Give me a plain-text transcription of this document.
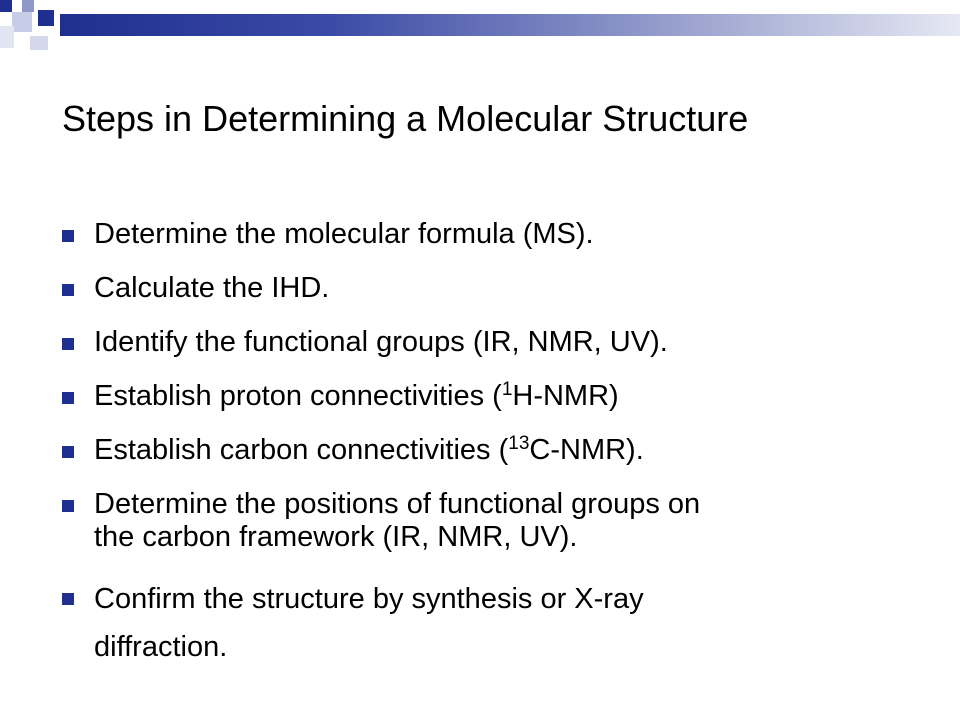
Steps in Determining a Molecular Structure
Determine the molecular formula (MS).
Calculate the IHD.
Identify the functional groups (IR, NMR, UV).
Establish proton connectivities ($^1$H-NMR)
Establish carbon connectivities ($^{13}$C-NMR).
Determine the positions of functional groups on
the carbon framework (IR, NMR, UV).
Confirm the structure by synthesis or X-ray
diffraction.
